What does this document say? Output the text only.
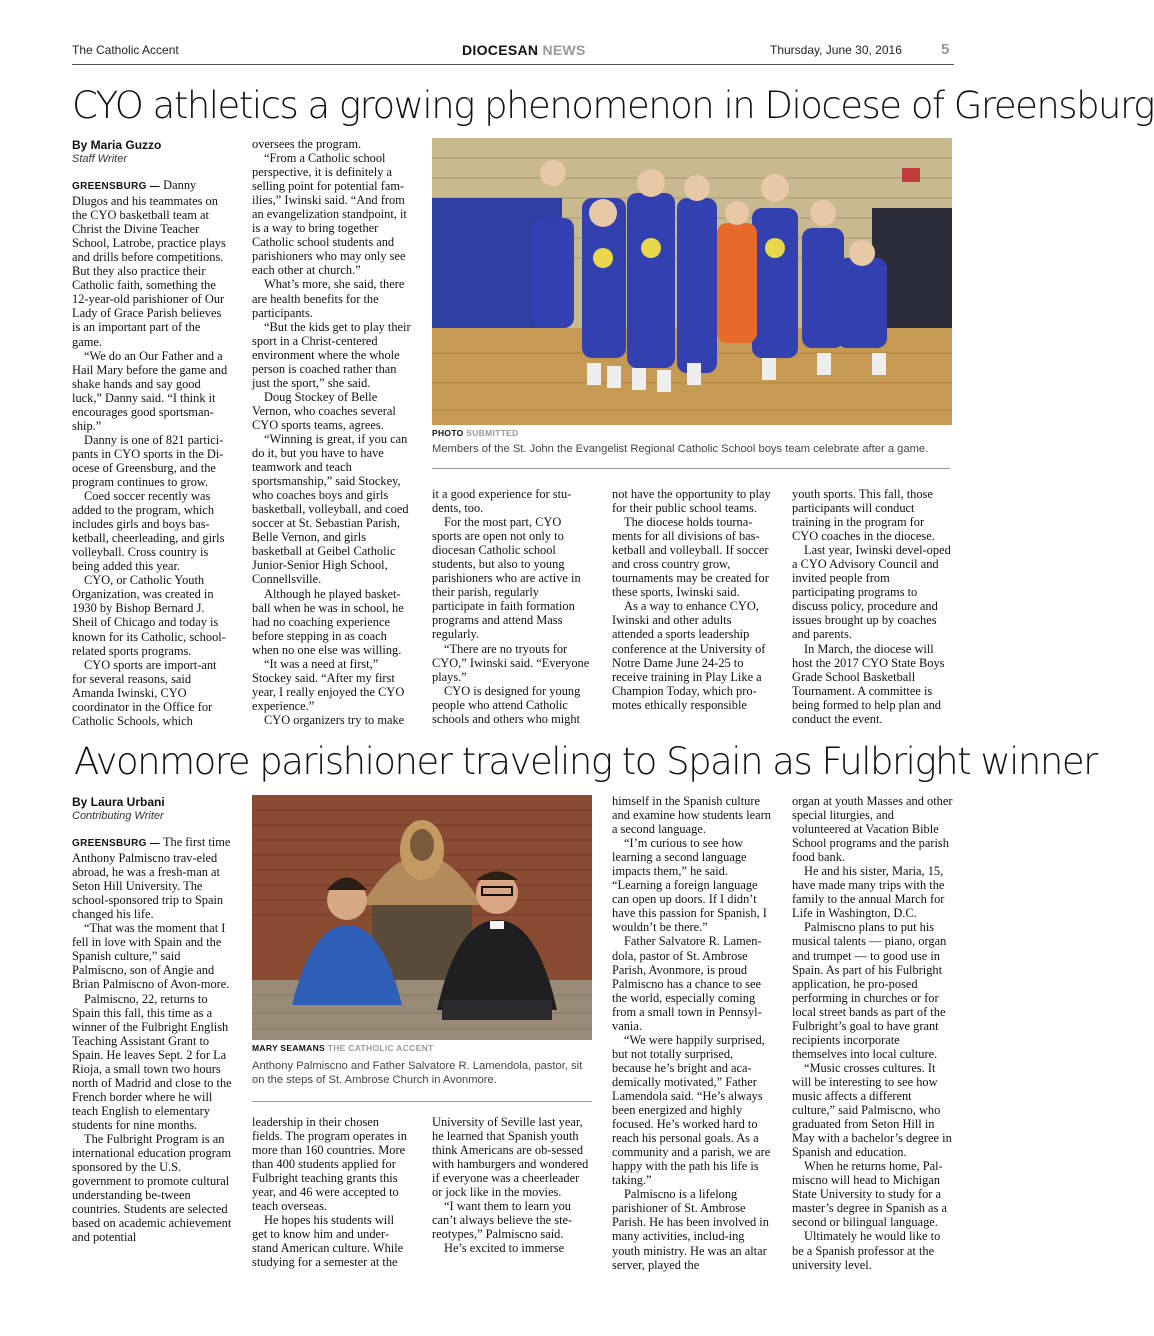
The Catholic Accent	DIOCESAN NEWS	Thursday, June 30, 2016	5
CYO athletics a growing phenomenon in Diocese of Greensburg
By Maria Guzzo
Staff Writer

GREENSBURG — Danny Dlugos and his teammates on the CYO basketball team at Christ the Divine Teacher School, Latrobe, practice plays and drills before competitions. But they also practice their Catholic faith, something the 12-year-old parishioner of Our Lady of Grace Parish believes is an important part of the game.

“We do an Our Father and a Hail Mary before the game and shake hands and say good luck,” Danny said. “I think it encourages good sportsman-ship.”

Danny is one of 821 partici-pants in CYO sports in the Di-ocese of Greensburg, and the program continues to grow.

Coed soccer recently was added to the program, which includes girls and boys bas-ketball, cheerleading, and girls volleyball. Cross country is being added this year.

CYO, or Catholic Youth Organization, was created in 1930 by Bishop Bernard J. Sheil of Chicago and today is known for its Catholic, school-related sports programs.

CYO sports are import-ant for several reasons, said Amanda Iwinski, CYO coordinator in the Office for Catholic Schools, which

oversees the program.

“From a Catholic school perspective, it is definitely a selling point for potential fam-ilies,” Iwinski said. “And from an evangelization standpoint, it is a way to bring together Catholic school students and parishioners who may only see each other at church.”

What’s more, she said, there are health benefits for the participants.

“But the kids get to play their sport in a Christ-centered environment where the whole person is coached rather than just the sport,” she said.

Doug Stockey of Belle Vernon, who coaches several CYO sports teams, agrees.

“Winning is great, if you can do it, but you have to have teamwork and teach sportsmanship,” said Stockey, who coaches boys and girls basketball, volleyball, and coed soccer at St. Sebastian Parish, Belle Vernon, and girls basketball at Geibel Catholic Junior-Senior High School, Connellsville.

Although he played basket-ball when he was in school, he had no coaching experience before stepping in as coach when no one else was willing.

“It was a need at first,” Stockey said. “After my first year, I really enjoyed the CYO experience.”

CYO organizers try to make

PHOTO SUBMITTED
Members of the St. John the Evangelist Regional Catholic School boys team celebrate after a game.

it a good experience for stu-dents, too.

For the most part, CYO sports are open not only to diocesan Catholic school students, but also to young parishioners who are active in their parish, regularly participate in faith formation programs and attend Mass regularly.

“There are no tryouts for CYO,” Iwinski said. “Everyone plays.”

CYO is designed for young people who attend Catholic schools and others who might

not have the opportunity to play for their public school teams.

The diocese holds tourna-ments for all divisions of bas-ketball and volleyball. If soccer and cross country grow, tournaments may be created for these sports, Iwinski said.

As a way to enhance CYO, Iwinski and other adults attended a sports leadership conference at the University of Notre Dame June 24-25 to receive training in Play Like a Champion Today, which pro-motes ethically responsible

youth sports. This fall, those participants will conduct training in the program for CYO coaches in the diocese.

Last year, Iwinski devel-oped a CYO Advisory Council and invited people from participating programs to discuss policy, procedure and issues brought up by coaches and parents.

In March, the diocese will host the 2017 CYO State Boys Grade School Basketball Tournament. A committee is being formed to help plan and conduct the event.

Avonmore parishioner traveling to Spain as Fulbright winner
By Laura Urbani
Contributing Writer

GREENSBURG — The first time Anthony Palmiscno trav-eled abroad, he was a fresh-man at Seton Hill University. The school-sponsored trip to Spain changed his life.

“That was the moment that I fell in love with Spain and the Spanish culture,” said Palmiscno, son of Angie and Brian Palmiscno of Avon-more.

Palmiscno, 22, returns to Spain this fall, this time as a winner of the Fulbright English Teaching Assistant Grant to Spain. He leaves Sept. 2 for La Rioja, a small town two hours north of Madrid and close to the French border where he will teach English to elementary students for nine months.

The Fulbright Program is an international education program sponsored by the U.S. government to promote cultural understanding be-tween countries. Students are selected based on academic achievement and potential

MARY SEAMANS THE CATHOLIC ACCENT
Anthony Palmiscno and Father Salvatore R. Lamendola, pastor, sit on the steps of St. Ambrose Church in Avonmore.

leadership in their chosen fields. The program operates in more than 160 countries. More than 400 students applied for Fulbright teaching grants this year, and 46 were accepted to teach overseas.

He hopes his students will get to know him and under-stand American culture. While studying for a semester at the

University of Seville last year, he learned that Spanish youth think Americans are ob-sessed with hamburgers and wondered if everyone was a cheerleader or jock like in the movies.

“I want them to learn you can’t always believe the ste-reotypes,” Palmiscno said.

He’s excited to immerse

himself in the Spanish culture and examine how students learn a second language.

“I’m curious to see how learning a second language impacts them,” he said. “Learning a foreign language can open up doors. If I didn’t have this passion for Spanish, I wouldn’t be there.”

Father Salvatore R. Lamen-dola, pastor of St. Ambrose Parish, Avonmore, is proud Palmiscno has a chance to see the world, especially coming from a small town in Pennsyl-vania.

“We were happily surprised, but not totally surprised, because he’s bright and aca-demically motivated,” Father Lamendola said. “He’s always been energized and highly focused. He’s worked hard to reach his personal goals. As a community and a parish, we are happy with the path his life is taking.”

Palmiscno is a lifelong parishioner of St. Ambrose Parish. He has been involved in many activities, includ-ing youth ministry. He was an altar server, played the

organ at youth Masses and other special liturgies, and volunteered at Vacation Bible School programs and the parish food bank.

He and his sister, Maria, 15, have made many trips with the family to the annual March for Life in Washington, D.C.

Palmiscno plans to put his musical talents — piano, organ and trumpet — to good use in Spain. As part of his Fulbright application, he pro-posed performing in churches or for local street bands as part of the Fulbright’s goal to have grant recipients incorporate themselves into local culture.

“Music crosses cultures. It will be interesting to see how music affects a different culture,” said Palmiscno, who graduated from Seton Hill in May with a bachelor’s degree in Spanish and education.

When he returns home, Pal-miscno will head to Michigan State University to study for a master’s degree in Spanish as a second or bilingual language.

Ultimately he would like to be a Spanish professor at the university level.
